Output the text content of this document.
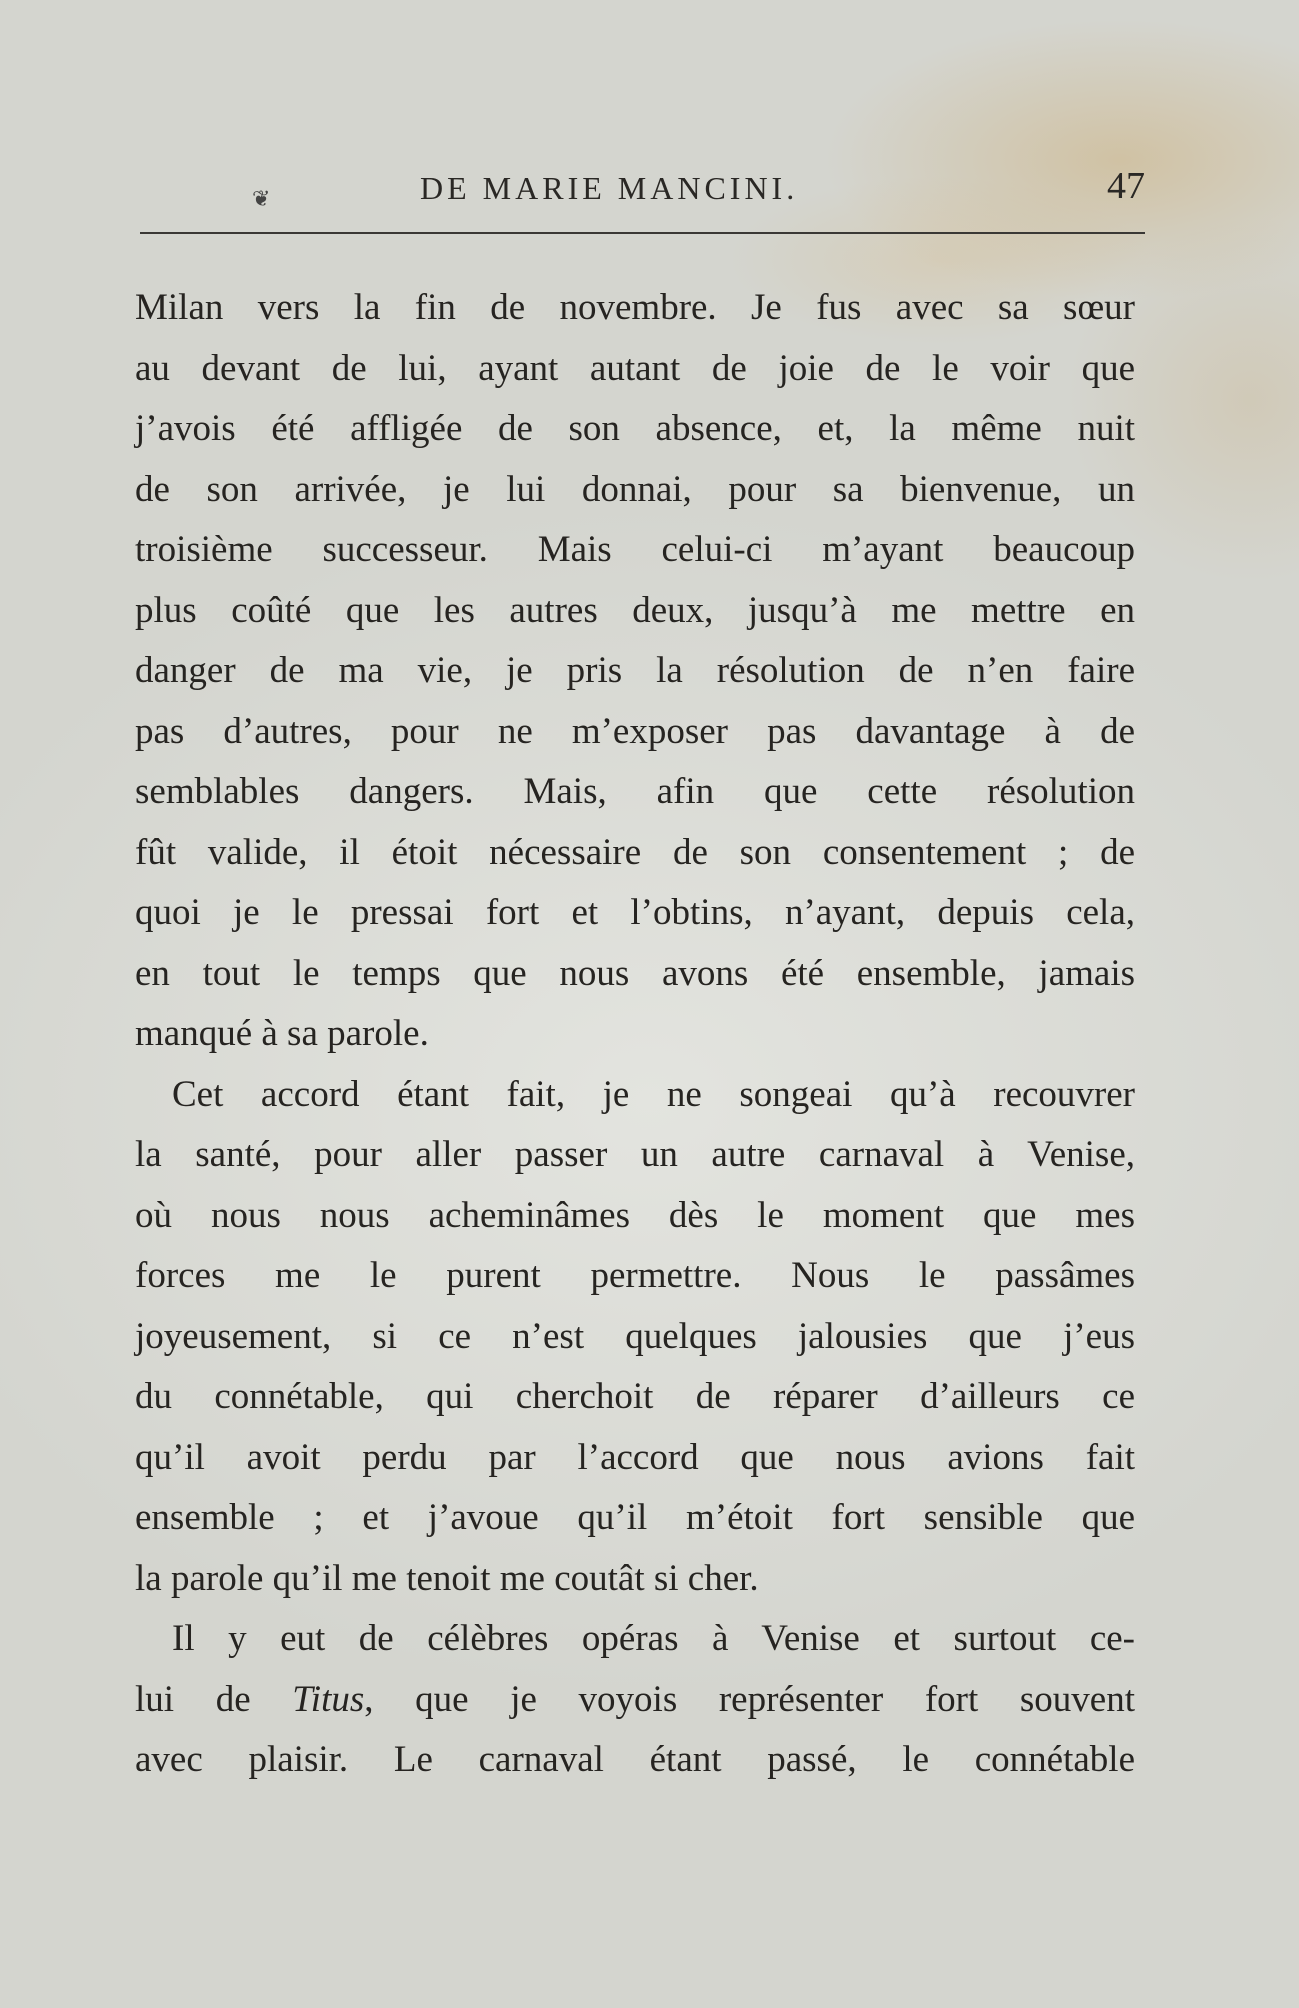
❦	DE MARIE MANCINI.	47
Milan vers la fin de novembre. Je fus avec sa sœur
au devant de lui, ayant autant de joie de le voir que
j’avois été affligée de son absence, et, la même nuit
de son arrivée, je lui donnai, pour sa bienvenue, un
troisième successeur. Mais celui-ci m’ayant beaucoup
plus coûté que les autres deux, jusqu’à me mettre en
danger de ma vie, je pris la résolution de n’en faire
pas d’autres, pour ne m’exposer pas davantage à de
semblables dangers. Mais, afin que cette résolution
fût valide, il étoit nécessaire de son consentement ; de
quoi je le pressai fort et l’obtins, n’ayant, depuis cela,
en tout le temps que nous avons été ensemble, jamais
manqué à sa parole.
Cet accord étant fait, je ne songeai qu’à recouvrer
la santé, pour aller passer un autre carnaval à Venise,
où nous nous acheminâmes dès le moment que mes
forces me le purent permettre. Nous le passâmes
joyeusement, si ce n’est quelques jalousies que j’eus
du connétable, qui cherchoit de réparer d’ailleurs ce
qu’il avoit perdu par l’accord que nous avions fait
ensemble ; et j’avoue qu’il m’étoit fort sensible que
la parole qu’il me tenoit me coutât si cher.
Il y eut de célèbres opéras à Venise et surtout ce-
lui de Titus, que je voyois représenter fort souvent
avec plaisir. Le carnaval étant passé, le connétable
